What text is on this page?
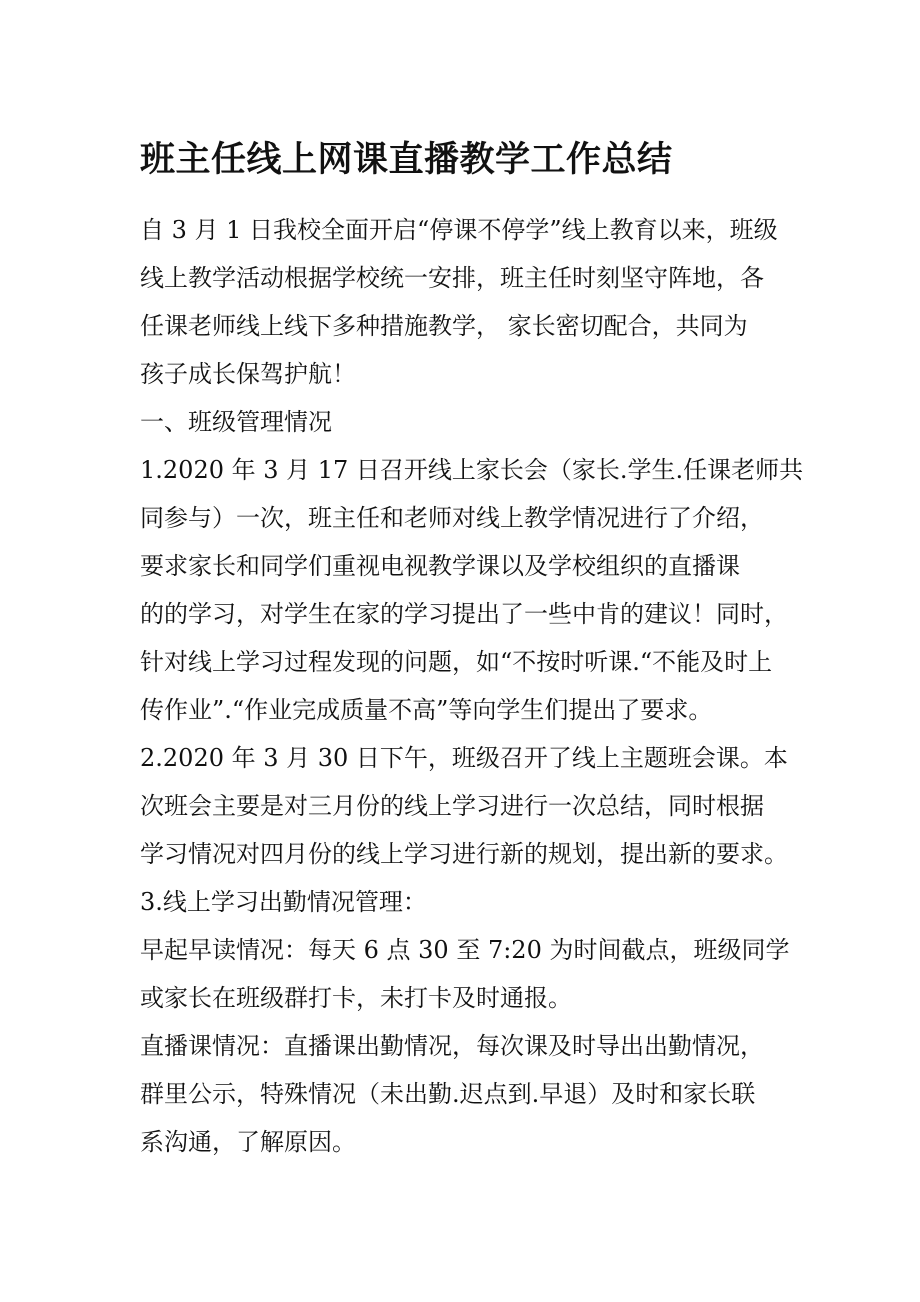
班主任线上网课直播教学工作总结
自 3 月 1 日我校全面开启“停课不停学”线上教育以来，班级
线上教学活动根据学校统一安排，班主任时刻坚守阵地，各
任课老师线上线下多种措施教学， 家长密切配合，共同为
孩子成长保驾护航！
一、班级管理情况
1.2020 年 3 月 17 日召开线上家长会（家长.学生.任课老师共
同参与）一次，班主任和老师对线上教学情况进行了介绍，
要求家长和同学们重视电视教学课以及学校组织的直播课
的的学习，对学生在家的学习提出了一些中肯的建议！同时，
针对线上学习过程发现的问题，如“不按时听课.“不能及时上
传作业”.“作业完成质量不高”等向学生们提出了要求。
2.2020 年 3 月 30 日下午，班级召开了线上主题班会课。本
次班会主要是对三月份的线上学习进行一次总结，同时根据
学习情况对四月份的线上学习进行新的规划，提出新的要求。
3.线上学习出勤情况管理：
早起早读情况：每天 6 点 30 至 7:20 为时间截点，班级同学
或家长在班级群打卡，未打卡及时通报。
直播课情况：直播课出勤情况，每次课及时导出出勤情况，
群里公示，特殊情况（未出勤.迟点到.早退）及时和家长联
系沟通，了解原因。
